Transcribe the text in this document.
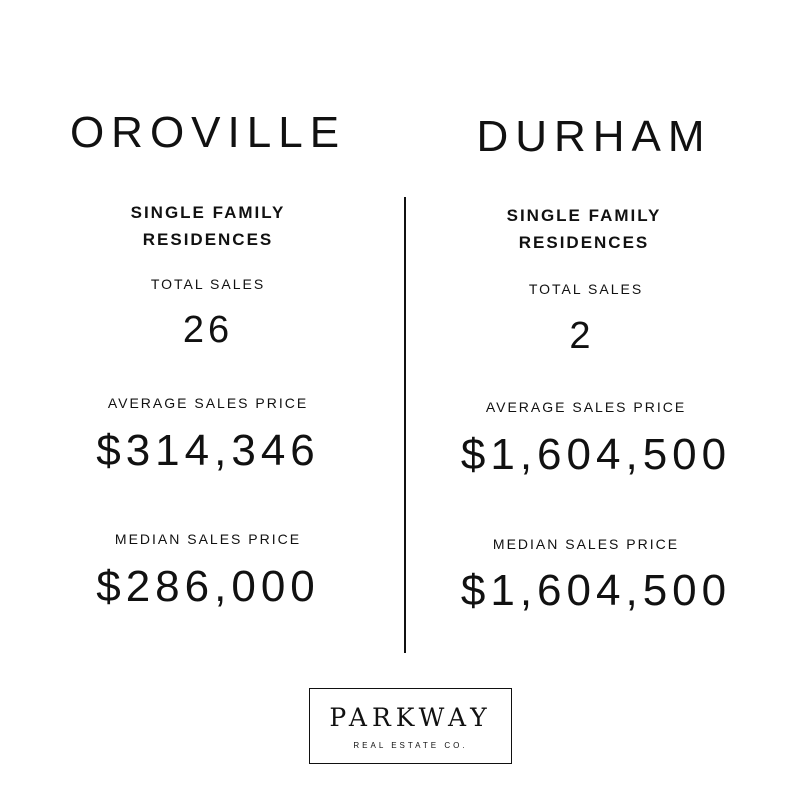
OROVILLE
SINGLE FAMILY RESIDENCES
TOTAL SALES
26
AVERAGE SALES PRICE
$314,346
MEDIAN SALES PRICE
$286,000
DURHAM
SINGLE FAMILY RESIDENCES
TOTAL SALES
2
AVERAGE SALES PRICE
$1,604,500
MEDIAN SALES PRICE
$1,604,500
PARKWAY
REAL ESTATE CO.
